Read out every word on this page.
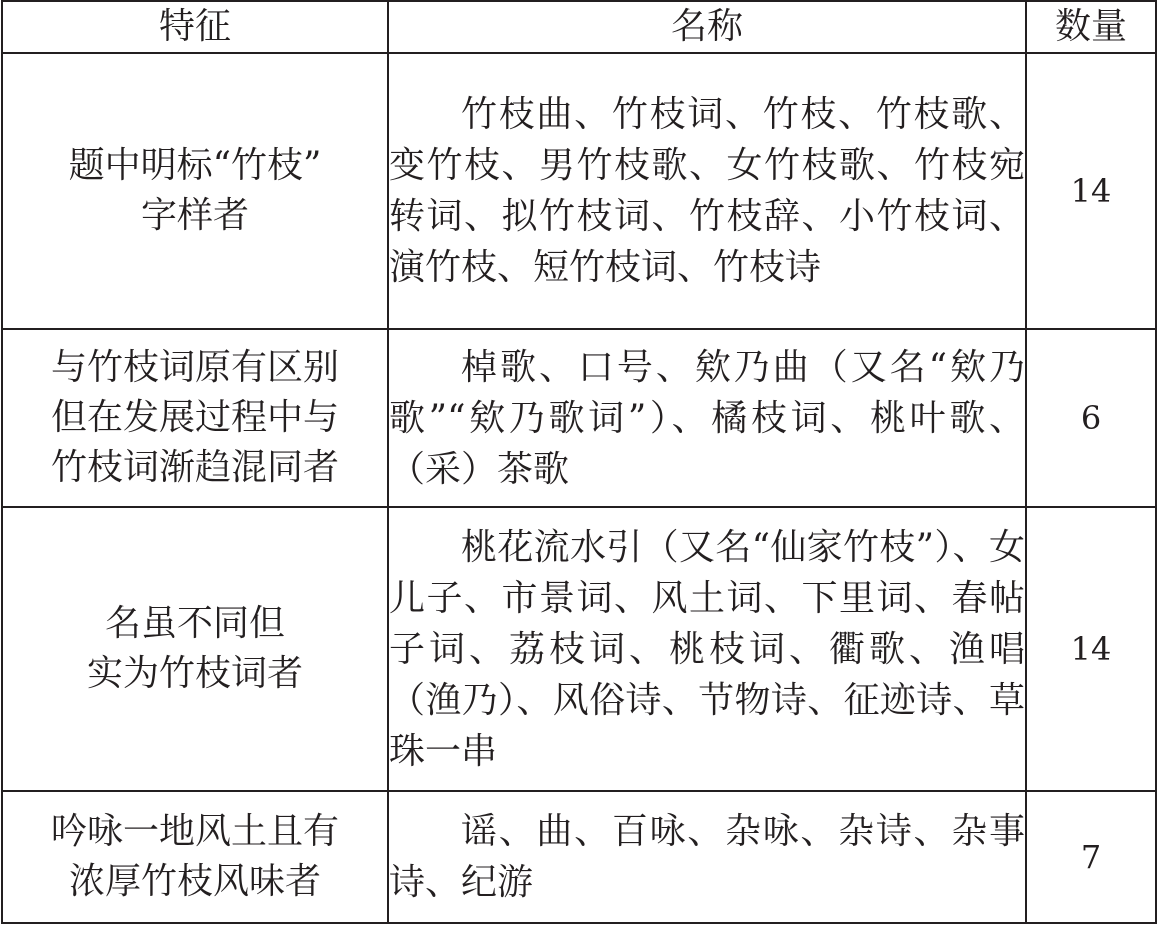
特征	名称	数量

题中明标“竹枝”
字样者	竹枝曲、竹枝词、竹枝、竹枝歌、变竹枝、男竹枝歌、女竹枝歌、竹枝宛转词、拟竹枝词、竹枝辞、小竹枝词、演竹枝、短竹枝词、竹枝诗	14

与竹枝词原有区别
但在发展过程中与
竹枝词渐趋混同者	棹歌、口号、欸乃曲（又名“欸乃歌”“欸乃歌词”）、橘枝词、桃叶歌、（采）茶歌	6

名虽不同但
实为竹枝词者	桃花流水引（又名“仙家竹枝”）、女儿子、市景词、风土词、下里词、春帖子词、荔枝词、桃枝词、衢歌、渔唱（渔乃）、风俗诗、节物诗、征迹诗、草珠一串	14

吟咏一地风土且有
浓厚竹枝风味者	谣、曲、百咏、杂咏、杂诗、杂事诗、纪游	7
